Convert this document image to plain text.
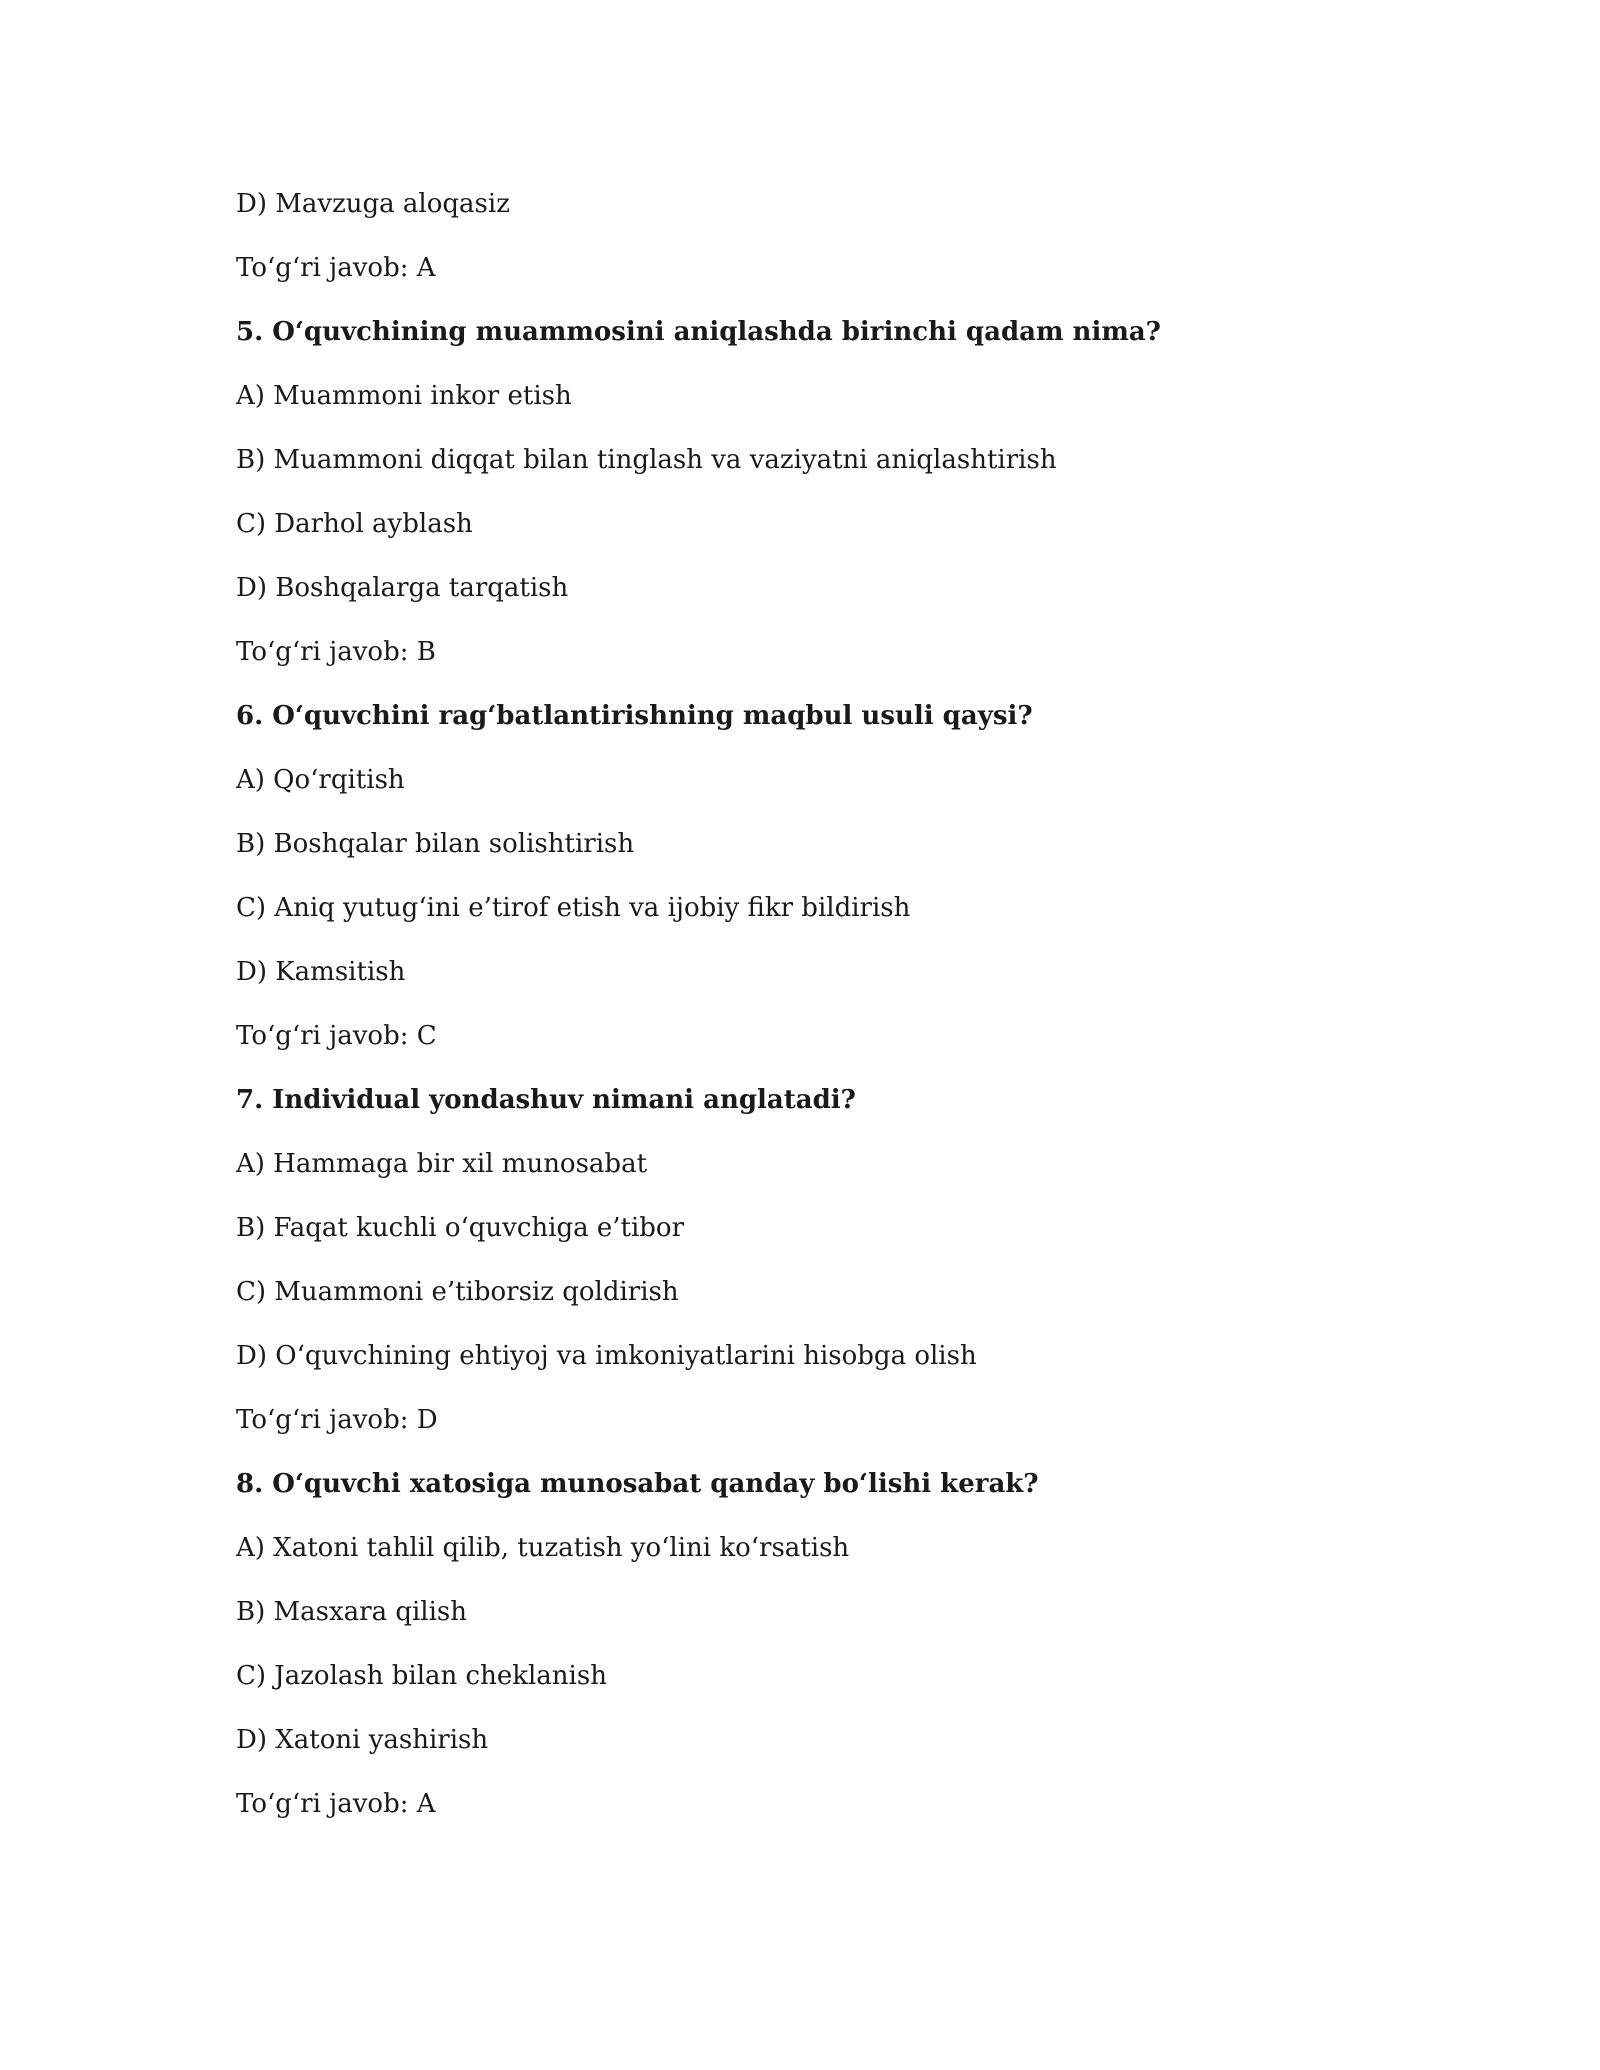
D) Mavzuga aloqasiz

To‘g‘ri javob: A

5. O‘quvchining muammosini aniqlashda birinchi qadam nima?

A) Muammoni inkor etish

B) Muammoni diqqat bilan tinglash va vaziyatni aniqlashtirish

C) Darhol ayblash

D) Boshqalarga tarqatish

To‘g‘ri javob: B

6. O‘quvchini rag‘batlantirishning maqbul usuli qaysi?

A) Qo‘rqitish

B) Boshqalar bilan solishtirish

C) Aniq yutug‘ini e’tirof etish va ijobiy fikr bildirish

D) Kamsitish

To‘g‘ri javob: C

7. Individual yondashuv nimani anglatadi?

A) Hammaga bir xil munosabat

B) Faqat kuchli o‘quvchiga e’tibor

C) Muammoni e’tiborsiz qoldirish

D) O‘quvchining ehtiyoj va imkoniyatlarini hisobga olish

To‘g‘ri javob: D

8. O‘quvchi xatosiga munosabat qanday bo‘lishi kerak?

A) Xatoni tahlil qilib, tuzatish yo‘lini ko‘rsatish

B) Masxara qilish

C) Jazolash bilan cheklanish

D) Xatoni yashirish

To‘g‘ri javob: A
